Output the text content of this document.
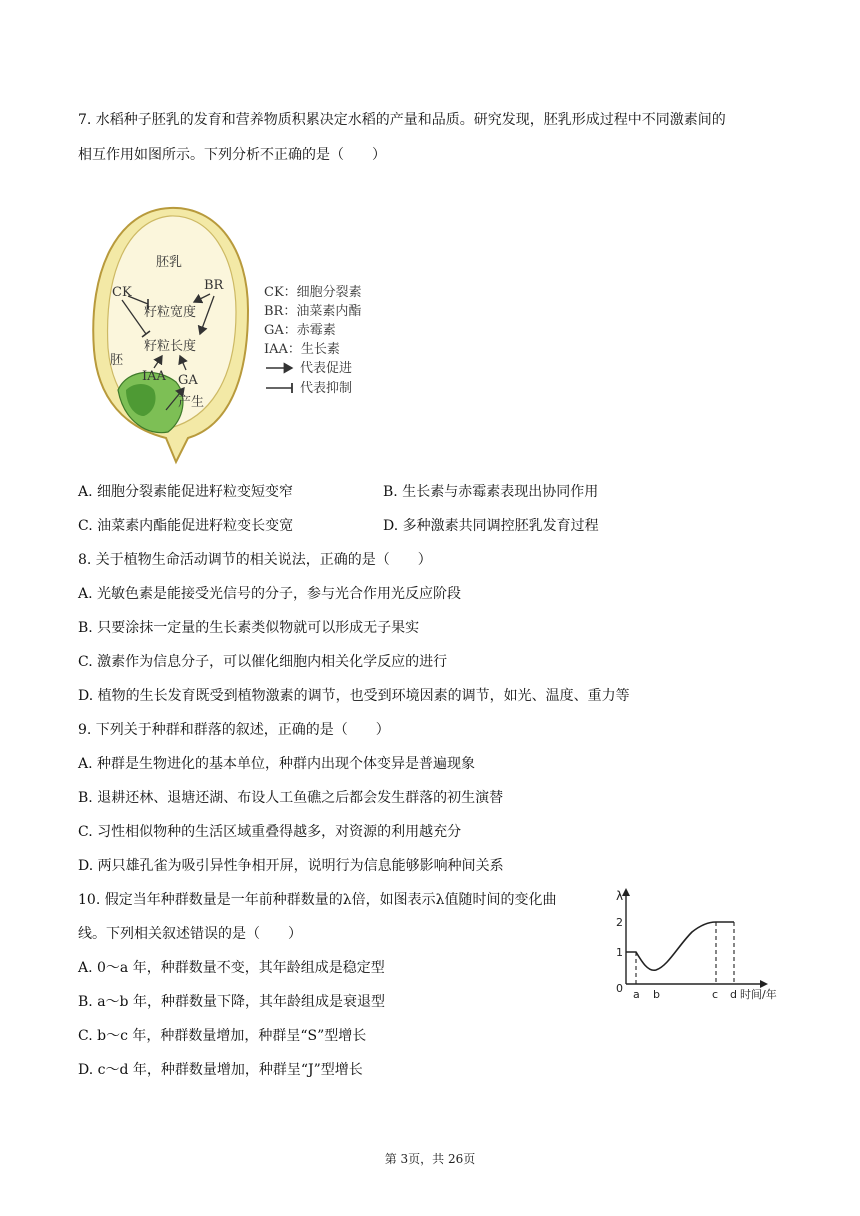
7. 水稻种子胚乳的发育和营养物质积累决定水稻的产量和品质。研究发现，胚乳形成过程中不同激素间的
相互作用如图所示。下列分析不正确的是（　　）
胚乳
CK	BR
籽粒宽度
籽粒长度
胚
IAA GA
产生
CK：细胞分裂素
BR：油菜素内酯
GA：赤霉素
IAA：生长素
代表促进
代表抑制
A. 细胞分裂素能促进籽粒变短变窄	B. 生长素与赤霉素表现出协同作用
C. 油菜素内酯能促进籽粒变长变宽	D. 多种激素共同调控胚乳发育过程
8. 关于植物生命活动调节的相关说法，正确的是（　　）
A. 光敏色素是能接受光信号的分子，参与光合作用光反应阶段
B. 只要涂抹一定量的生长素类似物就可以形成无子果实
C. 激素作为信息分子，可以催化细胞内相关化学反应的进行
D. 植物的生长发育既受到植物激素的调节，也受到环境因素的调节，如光、温度、重力等
9. 下列关于种群和群落的叙述，正确的是（　　）
A. 种群是生物进化的基本单位，种群内出现个体变异是普遍现象
B. 退耕还林、退塘还湖、布设人工鱼礁之后都会发生群落的初生演替
C. 习性相似物种的生活区域重叠得越多，对资源的利用越充分
D. 两只雄孔雀为吸引异性争相开屏，说明行为信息能够影响种间关系
10. 假定当年种群数量是一年前种群数量的λ倍，如图表示λ值随时间的变化曲
线。下列相关叙述错误的是（　　）
A. 0～a 年，种群数量不变，其年龄组成是稳定型
B. a～b 年，种群数量下降，其年龄组成是衰退型
C. b～c 年，种群数量增加，种群呈“S”型增长
D. c～d 年，种群数量增加，种群呈“J”型增长
λ
2
1
0 a b	c d 时间/年
第 3页，共 26页
